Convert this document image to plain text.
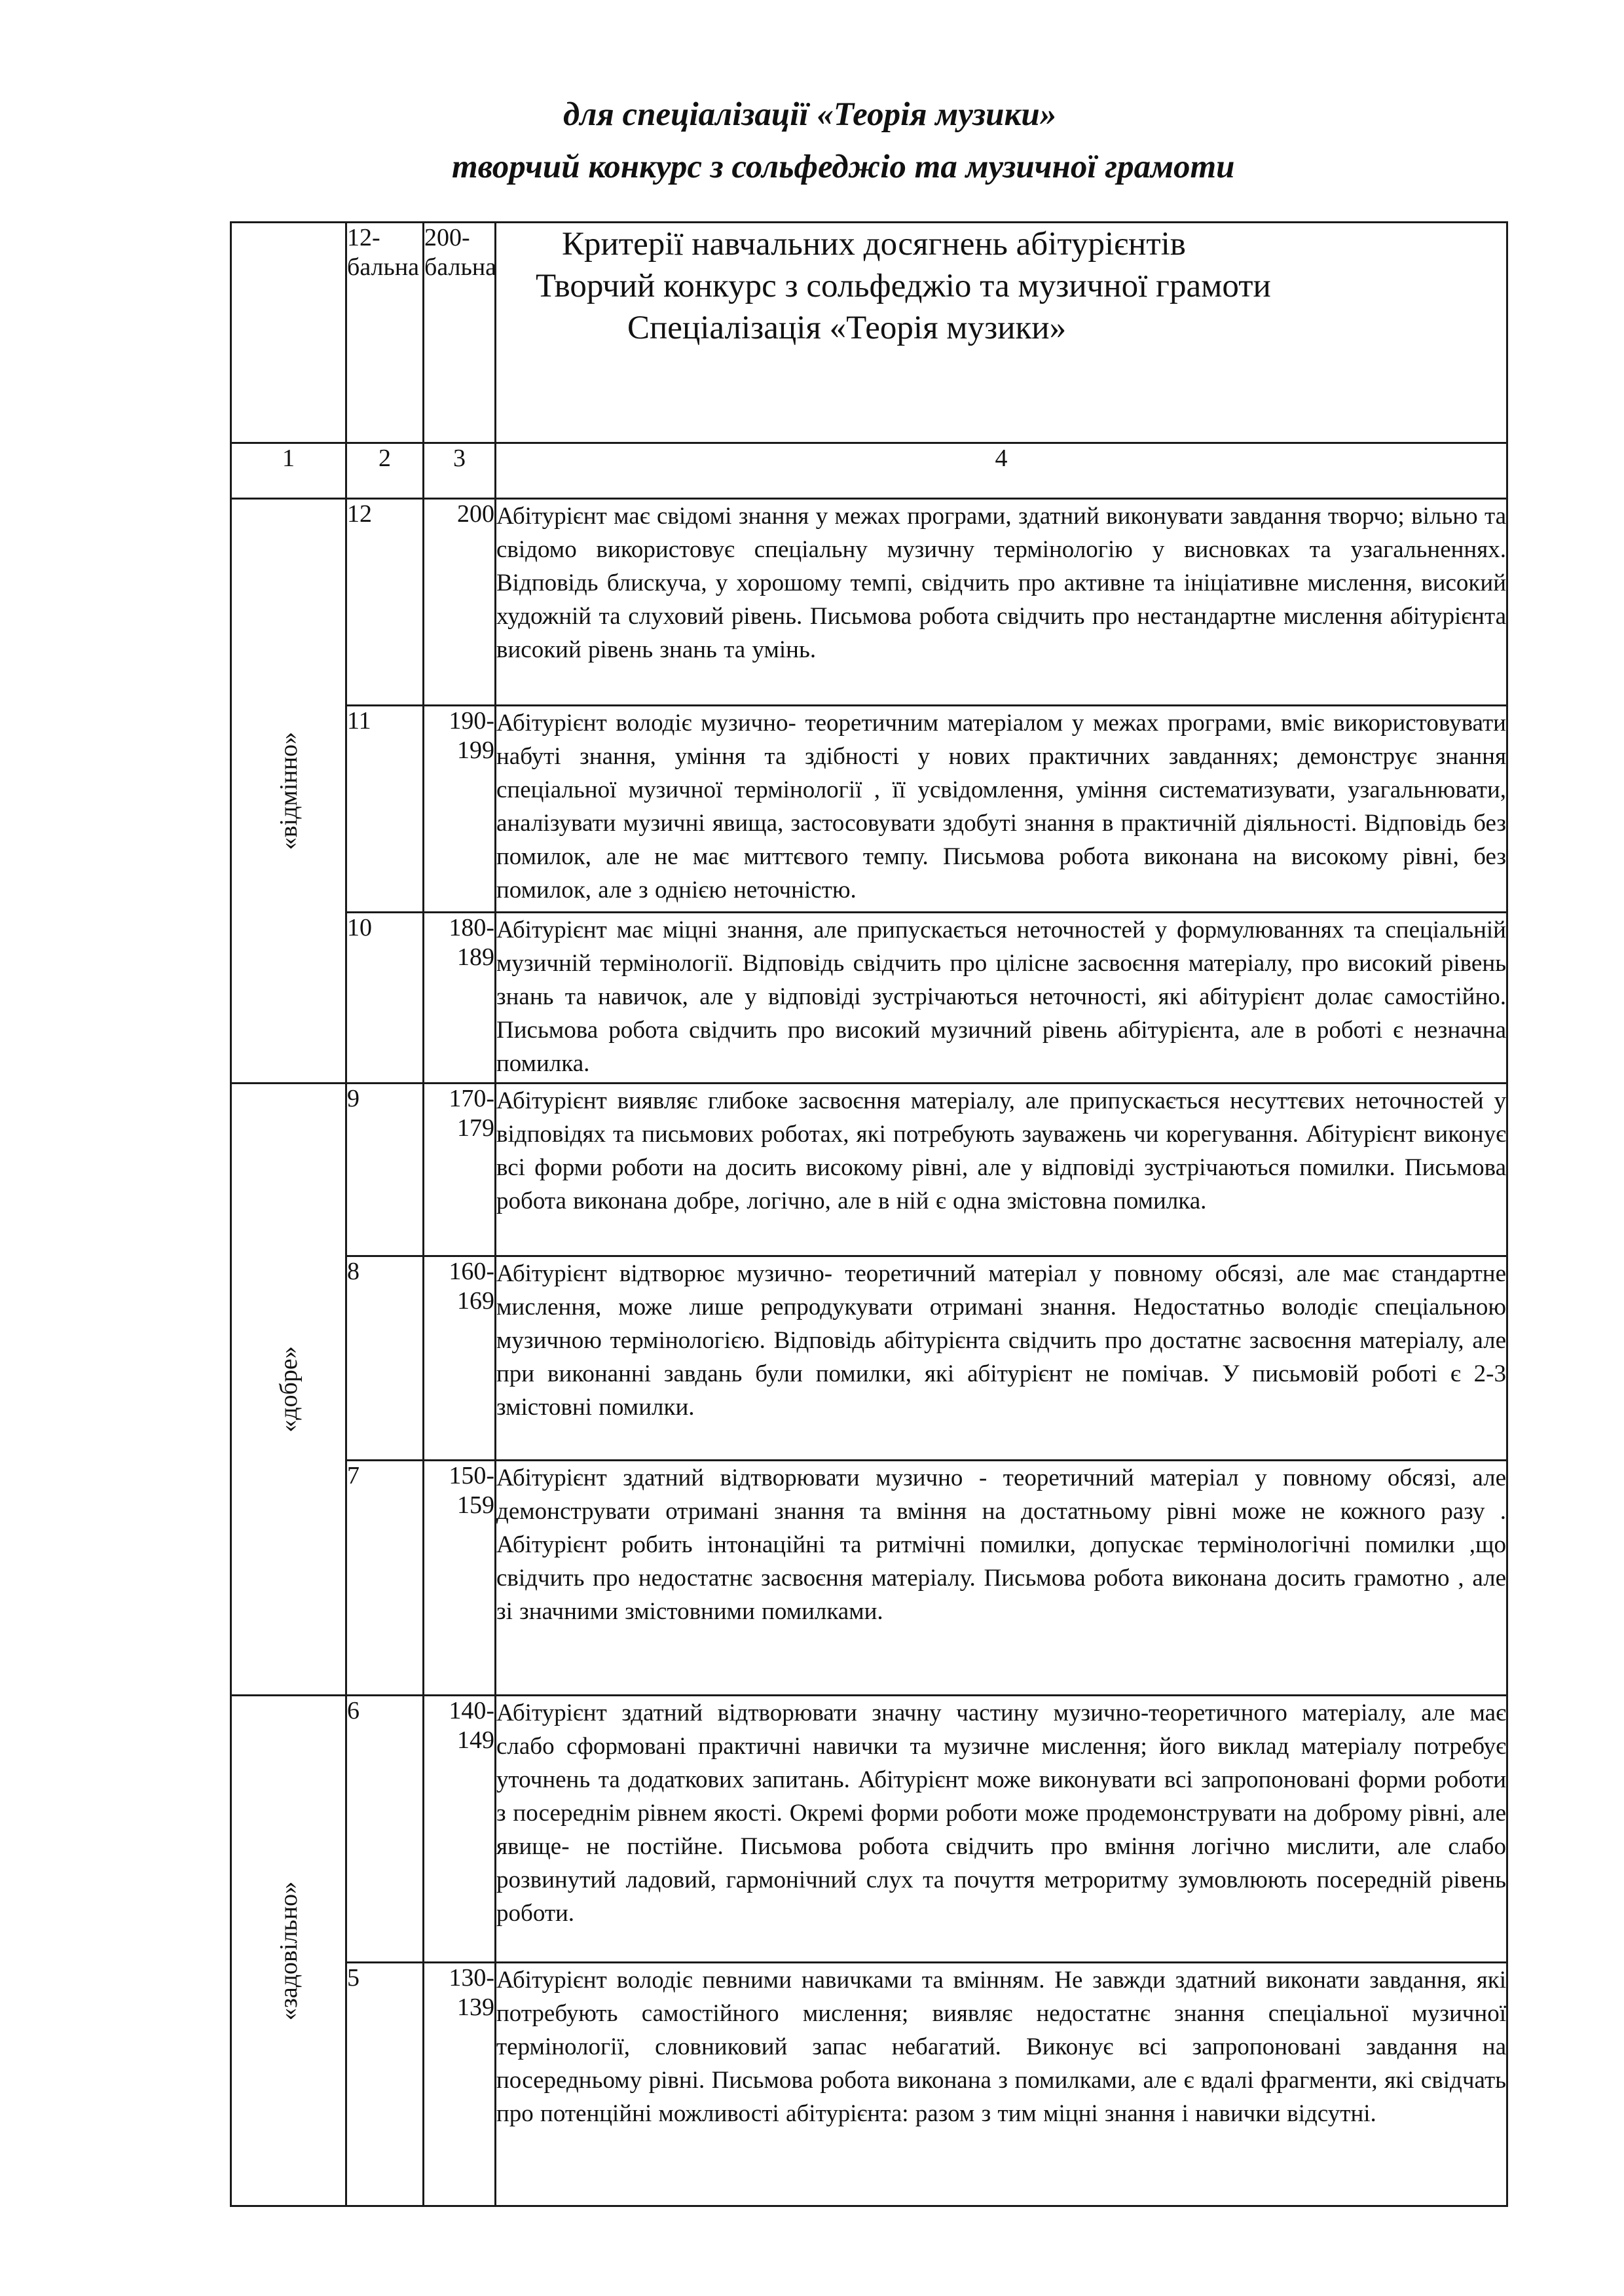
для спеціалізації «Теорія музики»
творчий конкурс з сольфеджіо та музичної грамоти
	12-бальна	200-бальна	Критерії навчальних досягнень абітурієнтів
Творчий конкурс з сольфеджіо та музичної грамоти
Спеціалізація «Теорія музики»

1	2	3	4

«відмінно»	12	200	Абітурієнт має свідомі знання у межах програми, здатний виконувати завдання творчо; вільно та свідомо використовує спеціальну музичну термінологію у висновках та узагальненнях. Відповідь блискуча, у хорошому темпі, свідчить про активне та ініціативне мислення, високий художній та слуховий рівень. Письмова робота свідчить про нестандартне мислення абітурієнта високий рівень знань та умінь.
	11	190-199	Абітурієнт володіє музично- теоретичним матеріалом у межах програми, вміє використовувати набуті знання, уміння та здібності у нових практичних завданнях; демонструє знання спеціальної музичної термінології , її усвідомлення, уміння систематизувати, узагальнювати, аналізувати музичні явища, застосовувати здобуті знання в практичній діяльності. Відповідь без помилок, але не має миттєвого темпу. Письмова робота виконана на високому рівні, без помилок, але з однією неточністю.
	10	180-189	Абітурієнт має міцні знання, але припускається неточностей у формулюваннях та спеціальній музичній термінології. Відповідь свідчить про цілісне засвоєння матеріалу, про високий рівень знань та навичок, але у відповіді зустрічаються неточності, які абітурієнт долає самостійно. Письмова робота свідчить про високий музичний рівень абітурієнта, але в роботі є незначна помилка.

«добре»	9	170-179	Абітурієнт виявляє глибоке засвоєння матеріалу, але припускається несуттєвих неточностей у відповідях та письмових роботах, які потребують зауважень чи корегування. Абітурієнт виконує всі форми роботи на досить високому рівні, але у відповіді зустрічаються помилки. Письмова робота виконана добре, логічно, але в ній є одна змістовна помилка.
	8	160-169	Абітурієнт відтворює музично- теоретичний матеріал у повному обсязі, але має стандартне мислення, може лише репродукувати отримані знання. Недостатньо володіє спеціальною музичною термінологією. Відповідь абітурієнта свідчить про достатнє засвоєння матеріалу, але при виконанні завдань були помилки, які абітурієнт не помічав. У письмовій роботі є 2-3 змістовні помилки.
	7	150-159	Абітурієнт здатний відтворювати музично - теоретичний матеріал у повному обсязі, але демонструвати отримані знання та вміння на достатньому рівні може не кожного разу . Абітурієнт робить інтонаційні та ритмічні помилки, допускає термінологічні помилки ,що свідчить про недостатнє засвоєння матеріалу. Письмова робота виконана досить грамотно , але зі значними змістовними помилками.

«задовільно»	6	140-149	Абітурієнт здатний відтворювати значну частину музично-теоретичного матеріалу, але має слабо сформовані практичні навички та музичне мислення; його виклад матеріалу потребує уточнень та додаткових запитань. Абітурієнт може виконувати всі запропоновані форми роботи з посереднім рівнем якості. Окремі форми роботи може продемонструвати на доброму рівні, але явище- не постійне. Письмова робота свідчить про вміння логічно мислити, але слабо розвинутий ладовий, гармонічний слух та почуття метроритму зумовлюють посередній рівень роботи.
	5	130-139	Абітурієнт володіє певними навичками та вмінням. Не завжди здатний виконати завдання, які потребують самостійного мислення; виявляє недостатнє знання спеціальної музичної термінології, словниковий запас небагатий. Виконує всі запропоновані завдання на посередньому рівні. Письмова робота виконана з помилками, але є вдалі фрагменти, які свідчать про потенційні можливості абітурієнта: разом з тим міцні знання і навички відсутні.
